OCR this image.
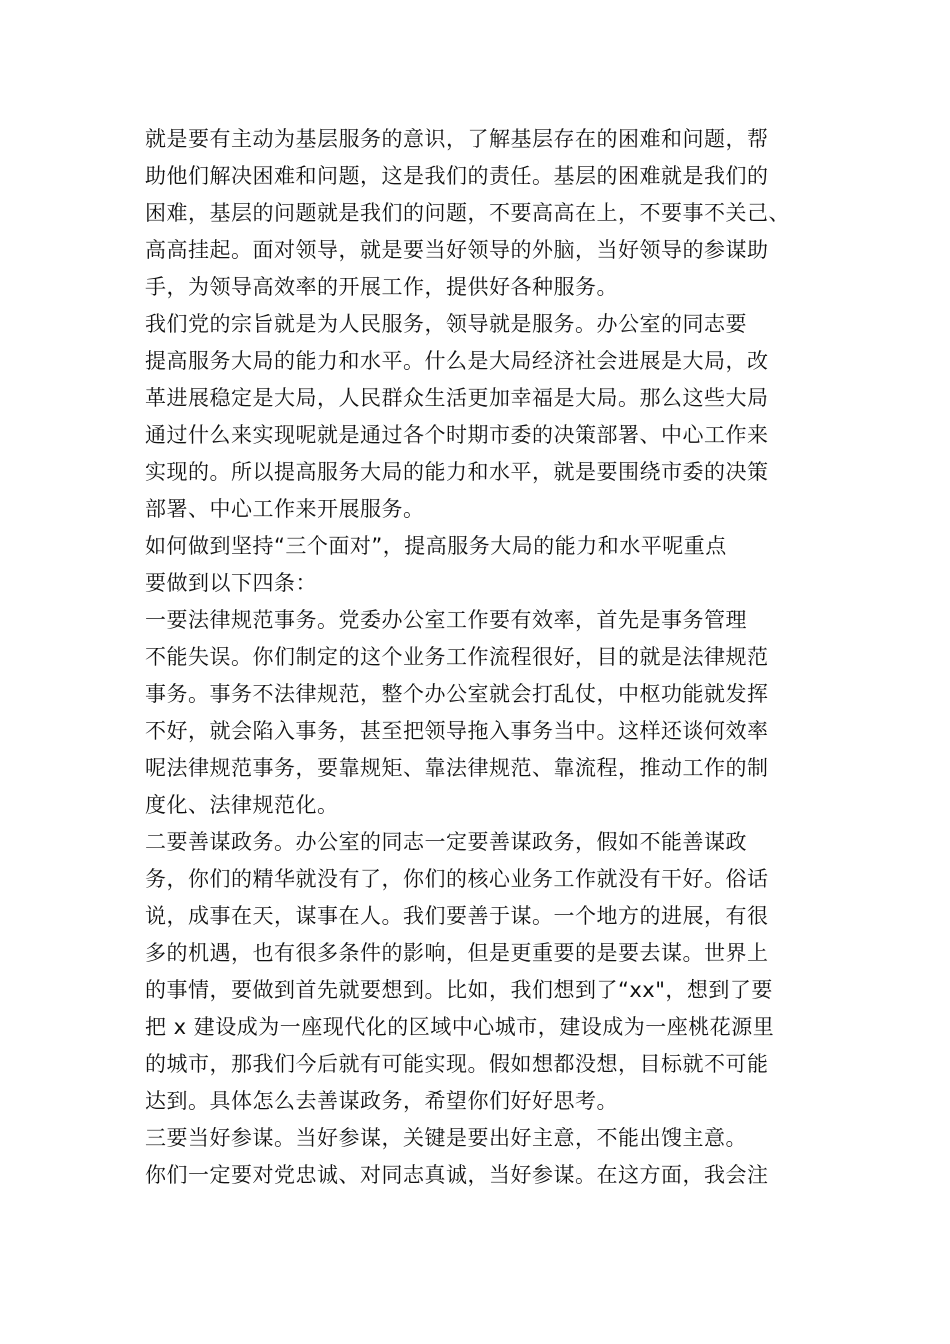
就是要有主动为基层服务的意识，了解基层存在的困难和问题，帮
助他们解决困难和问题，这是我们的责任。基层的困难就是我们的
困难，基层的问题就是我们的问题，不要高高在上，不要事不关己、
高高挂起。面对领导，就是要当好领导的外脑，当好领导的参谋助
手，为领导高效率的开展工作，提供好各种服务。
我们党的宗旨就是为人民服务，领导就是服务。办公室的同志要
提高服务大局的能力和水平。什么是大局经济社会进展是大局，改
革进展稳定是大局，人民群众生活更加幸福是大局。那么这些大局
通过什么来实现呢就是通过各个时期市委的决策部署、中心工作来
实现的。所以提高服务大局的能力和水平，就是要围绕市委的决策
部署、中心工作来开展服务。
如何做到坚持“三个面对”，提高服务大局的能力和水平呢重点
要做到以下四条：
一要法律规范事务。党委办公室工作要有效率，首先是事务管理
不能失误。你们制定的这个业务工作流程很好，目的就是法律规范
事务。事务不法律规范，整个办公室就会打乱仗，中枢功能就发挥
不好，就会陷入事务，甚至把领导拖入事务当中。这样还谈何效率
呢法律规范事务，要靠规矩、靠法律规范、靠流程，推动工作的制
度化、法律规范化。
二要善谋政务。办公室的同志一定要善谋政务，假如不能善谋政
务，你们的精华就没有了，你们的核心业务工作就没有干好。俗话
说，成事在天，谋事在人。我们要善于谋。一个地方的进展，有很
多的机遇，也有很多条件的影响，但是更重要的是要去谋。世界上
的事情，要做到首先就要想到。比如，我们想到了“xx"，想到了要
把 x 建设成为一座现代化的区域中心城市，建设成为一座桃花源里
的城市，那我们今后就有可能实现。假如想都没想，目标就不可能
达到。具体怎么去善谋政务，希望你们好好思考。
三要当好参谋。当好参谋，关键是要出好主意，不能出馊主意。
你们一定要对党忠诚、对同志真诚，当好参谋。在这方面，我会注
